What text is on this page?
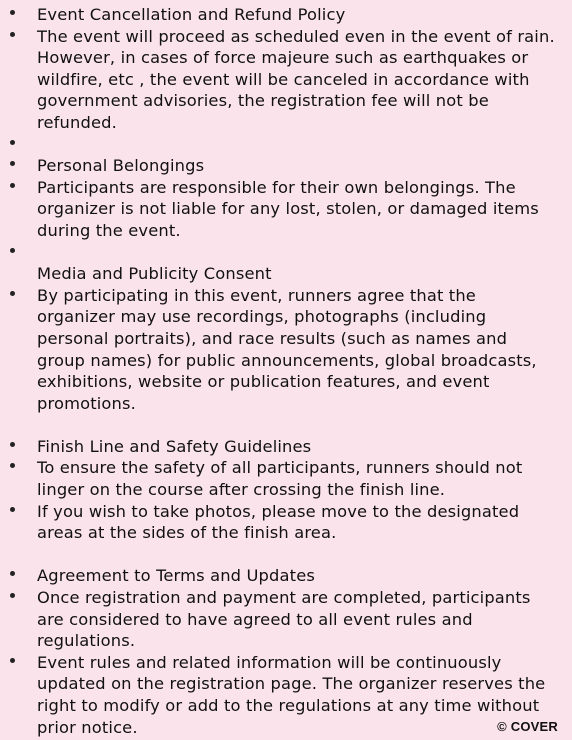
Event Cancellation and Refund Policy
The event will proceed as scheduled even in the event of rain. However, in cases of force majeure such as earthquakes or wildfire, etc , the event will be canceled in accordance with government advisories, the registration fee will not be refunded.
Personal Belongings
Participants are responsible for their own belongings. The organizer is not liable for any lost, stolen, or damaged items during the event.
Media and Publicity Consent
By participating in this event, runners agree that the organizer may use recordings, photographs (including personal portraits), and race results (such as names and group names) for public announcements, global broadcasts, exhibitions, website or publication features, and event promotions.
Finish Line and Safety Guidelines
To ensure the safety of all participants, runners should not linger on the course after crossing the finish line.
If you wish to take photos, please move to the designated areas at the sides of the finish area.
Agreement to Terms and Updates
Once registration and payment are completed, participants are considered to have agreed to all event rules and regulations.
Event rules and related information will be continuously updated on the registration page. The organizer reserves the right to modify or add to the regulations at any time without prior notice.	© COVER
